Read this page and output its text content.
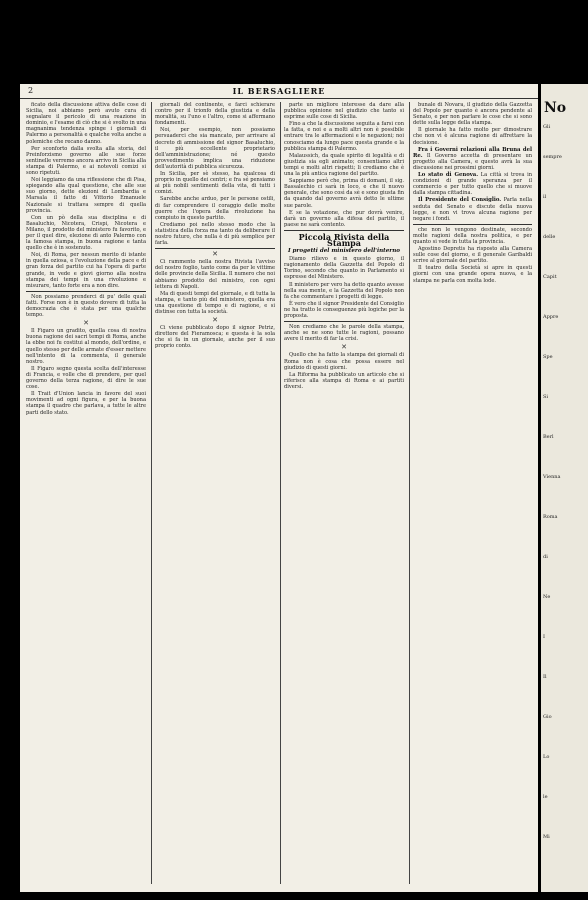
2	IL BERSAGLIERE

ficato della discussione attiva delle cose di Sicilia, noi abbiamo però avuto cura di segnalare il pericolo di una reazione in dominio, e l'esame di ciò che si è svolto in una magnanima tendenza spinge i giornali di Palermo a personalità e qualche volta anche a polemiche che recano danno.

Per sconforto dalla svolta alla storia, del Preinforzismo governo alle sue forze sentinelle verremo ancora arrivo in Sicilia alla stampa di Palermo, e ai notevoli comizi si sono ripetuti.

Noi leggiamo da una riflessione che di Pisa, spiegando alla qual questione, che alle sue suo giorno, dette elezioni di Lombardia e Marsala il fatto di Vittorio Emanuele Nazionale si trattava sempre di quella provincia.

Con un pò della sua disciplina e di Basaluchio, Nicotera, Crispi, Nicotera e Milano, il prodotto del ministero fu favorito, e per il quel dire, elezione di anto Palermo con la famosa stampa, in buona ragione e tanta quello che è in sostenuto.

Noi, di Roma, per nessun merito di istante in quella oziosa, e l'evoluzione della pace e di gran forza del partito cui ha l'opera di parte grande, in vede e giovi giorno alla nostra stampa dei tempi in una rivoluzione e misurare, tanto forte era a non dire.

Non possiamo prenderci di pu' delle quali fatti. Forse non è in questo dovere di tutta la democrazia che è stata per una qualche tempo.

✕

Il Figaro un gradito, quella cosa di nostra buona ragione dei sacri tempi di Roma, anche la ebbe noi fu costitui al mondo, dell'ordine, e quello stesso per delle armate d'esser mettere nell'intento di la commenta, il generale nostro.

Il Figaro segno questa scelta dell'interesse di Francia, e volle che di prendere, per quel governo della terza ragione, di dire le sue cose.

Il Trait d'Union lancia in favore del suoi movimenti ad ogni figura, e per la buona stampa il quadro che parlava, a tutte le altre parti dello stato.

giornali del continente, e farci schierare contro per il trionfo della giustizia e della moralità, su l'uno e l'altro, come si affermano fondamenti.

Noi, per esempio, non possiamo persuaderci che sia mancato, per arrivare al decreto di ammissione del signor Basaluchio, il più eccellente proprietario dell'amministrazione; né questo provvedimento implica una riduzione dell'autorità di pubblica sicurezza.

In Sicilia, per sè stesso, ha qualcosa di proprio in quello dei centri; e fra sé pensiamo ai più nobili sentimenti della vita, di tutti i comizi.

Sarebbe anche arduo, per le persone ostili, di far comprendere il coraggio delle molte guerre che l'opera della rivoluzione ha compiuto in questo partito.

Crediamo poi nello stesso modo che la statistica della forza ma tanto da deliberare il nostro futuro, che nulla è di più semplice per farla.

✕

Ci rammento nella nostra Rivista l'avviso del nostro foglio, tanto come da per le vittime delle provincie della Sicilia. Il numero che noi abbiamo prodotto del ministro, con ogni lettera di Napoli.

Ma di questi tempi del giornale, e di tutta la stampa, e tanto più del ministero, quella era una questione di tempo e di ragione, e si distinse con tutta la società.

✕

Ci viene pubblicato dopo il signor Petriz, direttore del Fieramosca; e questa è la sola che si fa in un giornale, anche per il suo proprio conto.

parte un migliore interesse da dare alla pubblica opinione nel giudizio che tanto si esprime sulle cose di Sicilia.

Fino a che la discussione seguita a farsi con la fatta, e noi e a molti altri non è possibile entrare tra le affermazioni e le negazioni; noi conosciamo da lungo pace questa grande e la pubblica stampa di Palermo.

Malaussich, da quale spirito di legalità e di giustizia sia egli animato; consentiamo altri tempi e molti altri rispetti; li crediamo che è una la più antica ragione del partito.

Sappiamo però che, prima di domani, il sig. Bassalechio ci sarà in loco, e che il nuovo generale, che sono così da sè e sono giusta fin da quando dal governo avrà detto le ultime sue parole.

E se la votazione, che pur dovrà venire, darà un governo alla difesa del partito, il paese ne sarà contento.

Piccola Rivista della Stampa
I progetti del ministero dell'interno

Diamo rilievo e in questo giorno, il ragionamento della Gazzetta del Popolo di Torino, secondo che quanto in Parlamento si espresse del Ministero.

Il ministero per vero ha detto quanto avesse nella sua mente, e la Gazzetta del Popolo non fa che commentare i progetti di legge.

È vero che il signor Presidente del Consiglio ne ha tratto le conseguenze più logiche per la proposta.

Non crediamo che le parole della stampa, anche se ne sono tutte le ragioni, possano avere il merito di far la crisi.

✕

Quello che ha fatto la stampa dei giornali di Roma non è cosa che possa essere nel giudizio di questi giorni.

La Riforma ha pubblicato un articolo che si riferisce alla stampa di Roma e ai partiti diversi.

bunale di Novara, il giudizio della Gazzetta del Popolo per quanto è ancora pendente al Senato, e per non parlare le cose che si sono dette sulla legge della stampa.

Il giornale ha fatto molto per dimostrare che non vi è alcuna ragione di affrettare la decisione.

Fra i Governi relazioni alla Bruna del Re. Il Governo accetta di presentare un progetto alla Camera, e questo avrà la sua discussione nei prossimi giorni.

Lo stato di Genova. La città si trova in condizioni di grande speranza per il commercio e per tutto quello che si muove dalla stampa cittadina.

Il Presidente del Consiglio. Parla nella seduta del Senato e discute della nuova legge, e non vi trova alcuna ragione per negare i fondi.

che non le vengono destinate, secondo molte ragioni della nostra politica, e per quanto si vede in tutta la provincia.

Agostino Depretis ha risposto alla Camera sulle cose del giorno, e il generale Garibaldi scrive al giornale del partito.

Il teatro della Società si apre in questi giorni con una grande opera nuova, e la stampa ne parla con molta lode.

No
Gli
sempre
il
delle
Capit
Appre
Spe
Si
Berl
Vienna
Roma
di
Ne
I
Il
Gio
Lo
le
Mi
